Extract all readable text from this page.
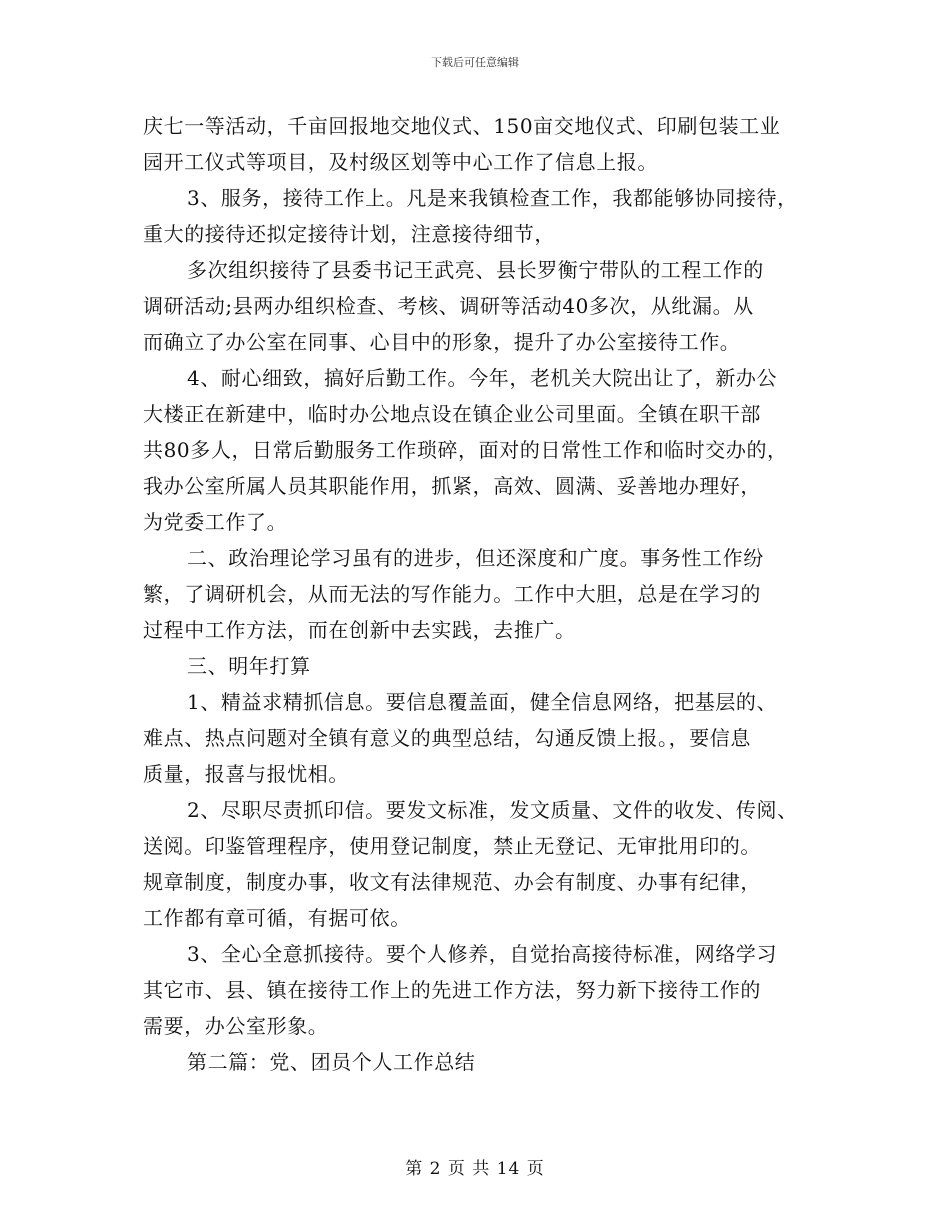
下载后可任意编辑
庆七一等活动，千亩回报地交地仪式、150亩交地仪式、印刷包装工业
园开工仪式等项目，及村级区划等中心工作了信息上报。
3、服务，接待工作上。凡是来我镇检查工作，我都能够协同接待，
重大的接待还拟定接待计划，注意接待细节，
多次组织接待了县委书记王武亮、县长罗衡宁带队的工程工作的
调研活动;县两办组织检查、考核、调研等活动40多次，从纰漏。从
而确立了办公室在同事、心目中的形象，提升了办公室接待工作。
4、耐心细致，搞好后勤工作。今年，老机关大院出让了，新办公
大楼正在新建中，临时办公地点设在镇企业公司里面。全镇在职干部
共80多人，日常后勤服务工作琐碎，面对的日常性工作和临时交办的，
我办公室所属人员其职能作用，抓紧，高效、圆满、妥善地办理好，
为党委工作了。
二、政治理论学习虽有的进步，但还深度和广度。事务性工作纷
繁，了调研机会，从而无法的写作能力。工作中大胆，总是在学习的
过程中工作方法，而在创新中去实践，去推广。
三、明年打算
1、精益求精抓信息。要信息覆盖面，健全信息网络，把基层的、
难点、热点问题对全镇有意义的典型总结，勾通反馈上报。，要信息
质量，报喜与报忧相。
2、尽职尽责抓印信。要发文标准，发文质量、文件的收发、传阅、
送阅。印鉴管理程序，使用登记制度，禁止无登记、无审批用印的。
规章制度，制度办事，收文有法律规范、办会有制度、办事有纪律，
工作都有章可循，有据可依。
3、全心全意抓接待。要个人修养，自觉抬高接待标准，网络学习
其它市、县、镇在接待工作上的先进工作方法，努力新下接待工作的
需要，办公室形象。
第二篇：党、团员个人工作总结
第 2 页 共 14 页
